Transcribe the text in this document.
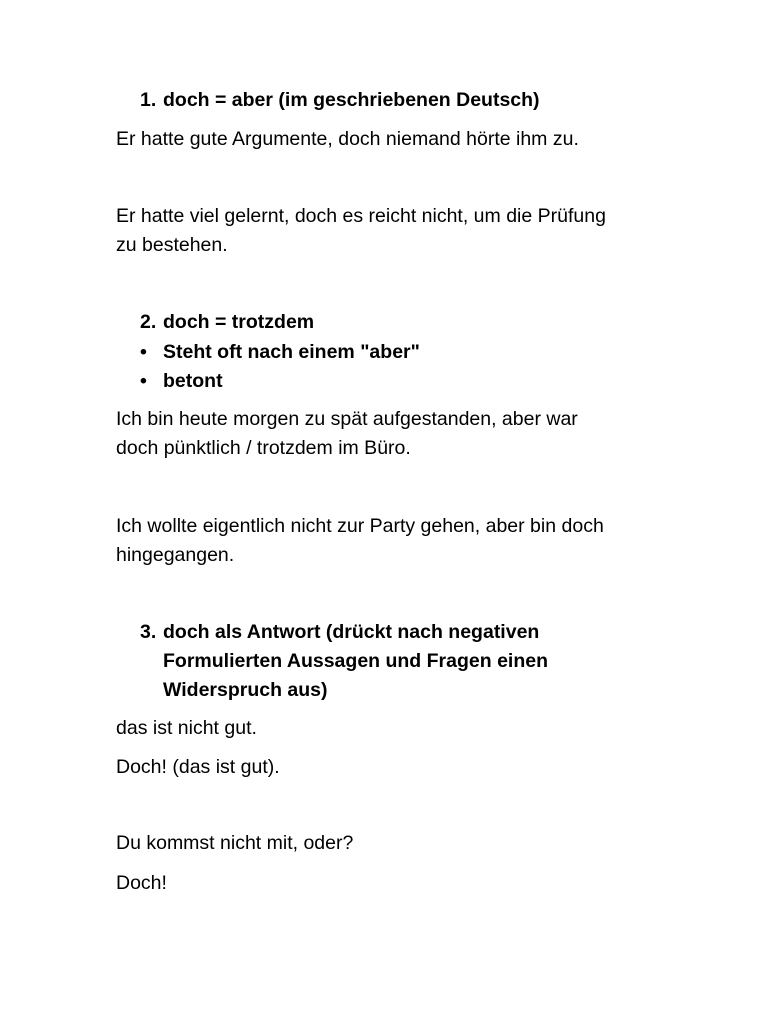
1. doch = aber (im geschriebenen Deutsch)

Er hatte gute Argumente, doch niemand hörte ihm zu.

Er hatte viel gelernt, doch es reicht nicht, um die Prüfung

zu bestehen.

2. doch = trotzdem

• Steht oft nach einem "aber"

• betont

Ich bin heute morgen zu spät aufgestanden, aber war

doch pünktlich / trotzdem im Büro.

Ich wollte eigentlich nicht zur Party gehen, aber bin doch

hingegangen.

3. doch als Antwort (drückt nach negativen

Formulierten Aussagen und Fragen einen

Widerspruch aus)

das ist nicht gut.

Doch! (das ist gut).

Du kommst nicht mit, oder?

Doch!
